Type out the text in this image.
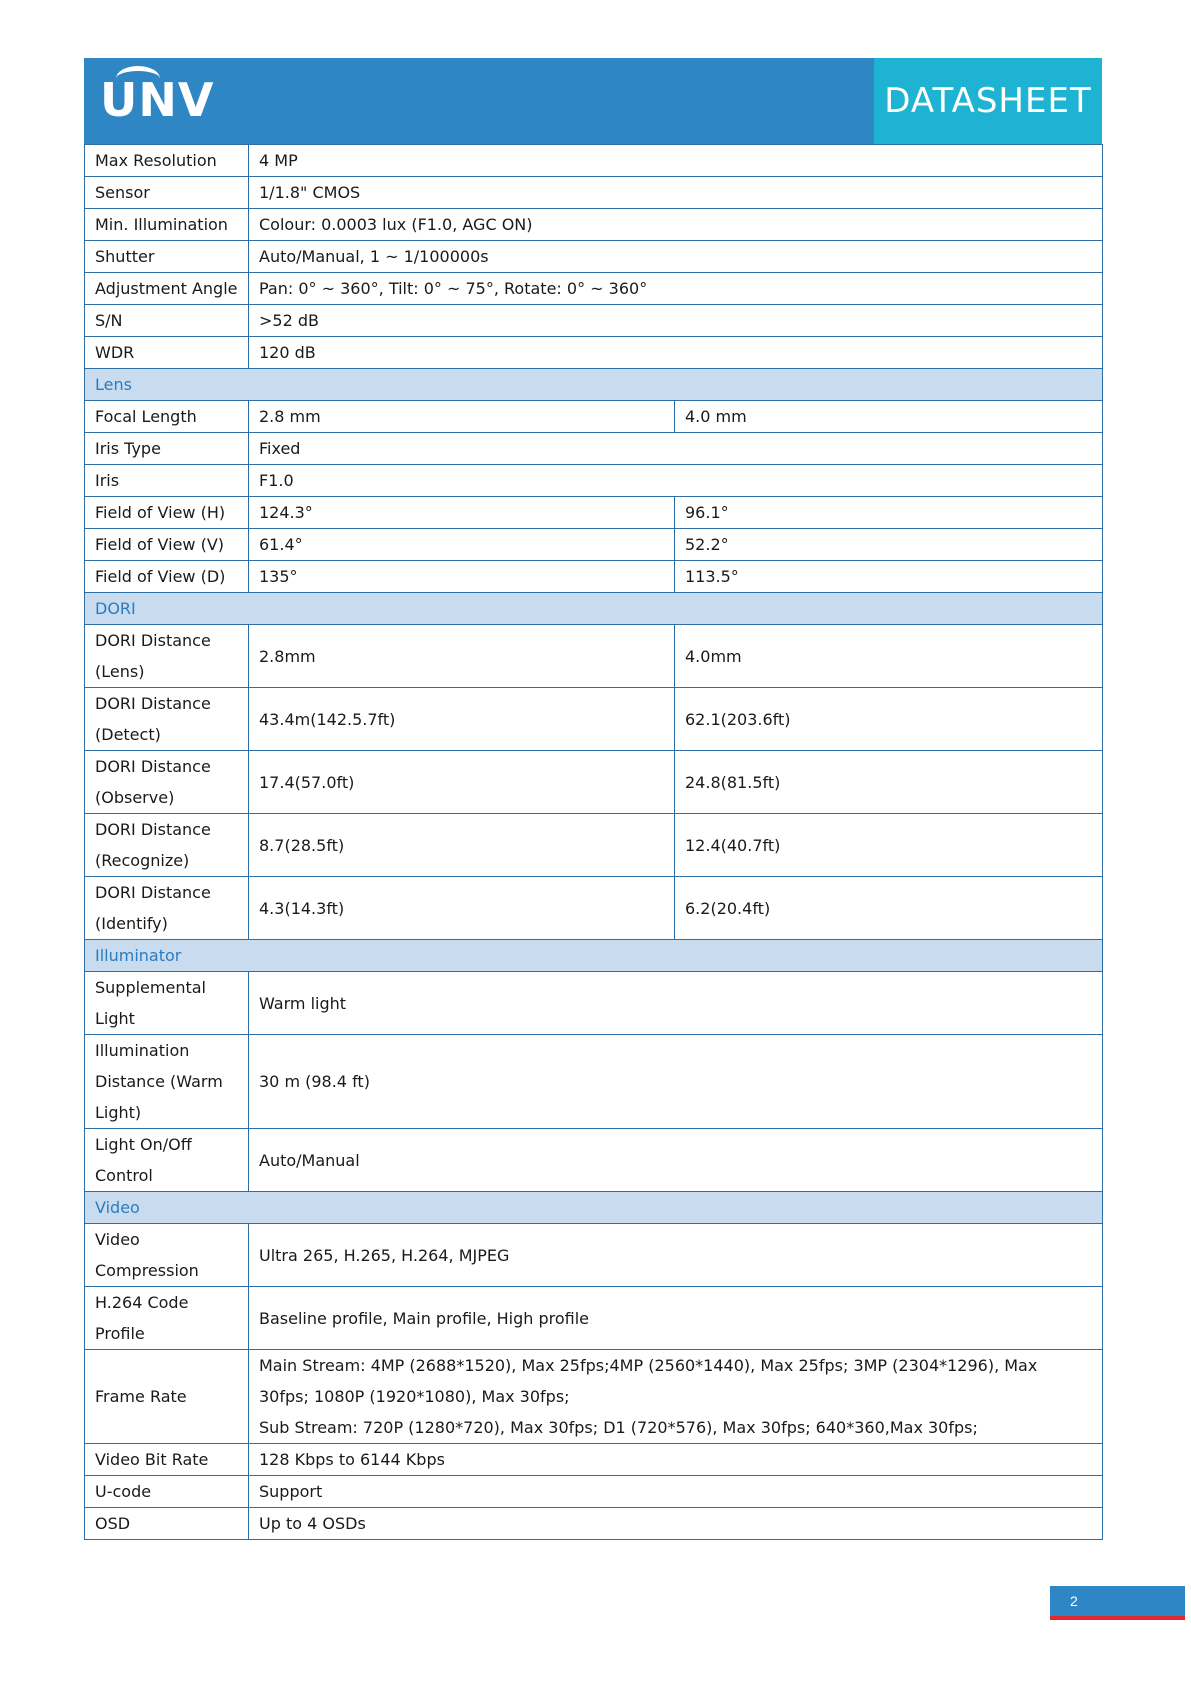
UNV	DATASHEET
Max Resolution	4 MP	
Sensor	1/1.8" CMOS	
Min. Illumination	Colour: 0.0003 lux (F1.0, AGC ON)	
Shutter	Auto/Manual, 1 ~ 1/100000s	
Adjustment Angle	Pan: 0° ~ 360°, Tilt: 0° ~ 75°, Rotate: 0° ~ 360°	
S/N	>52 dB	
WDR	120 dB	
Lens		
Focal Length	2.8 mm	4.0 mm
Iris Type	Fixed	
Iris	F1.0	
Field of View (H)	124.3°	96.1°
Field of View (V)	61.4°	52.2°
Field of View (D)	135°	113.5°
DORI		
DORI Distance (Lens)	2.8mm	4.0mm
DORI Distance (Detect)	43.4m(142.5.7ft)	62.1(203.6ft)
DORI Distance (Observe)	17.4(57.0ft)	24.8(81.5ft)
DORI Distance (Recognize)	8.7(28.5ft)	12.4(40.7ft)
DORI Distance (Identify)	4.3(14.3ft)	6.2(20.4ft)
Illuminator		
Supplemental Light	Warm light	
Illumination Distance (Warm Light)	30 m (98.4 ft)	
Light On/Off Control	Auto/Manual	
Video		
Video Compression	Ultra 265, H.265, H.264, MJPEG	
H.264 Code Profile	Baseline profile, Main profile, High profile	
Frame Rate	Main Stream: 4MP (2688*1520), Max 25fps;4MP (2560*1440), Max 25fps; 3MP (2304*1296), Max 30fps; 1080P (1920*1080), Max 30fps;
Sub Stream: 720P (1280*720), Max 30fps; D1 (720*576), Max 30fps; 640*360,Max 30fps;	

Video Bit Rate	128 Kbps to 6144 Kbps	
U-code	Support	
OSD	Up to 4 OSDs	
2
